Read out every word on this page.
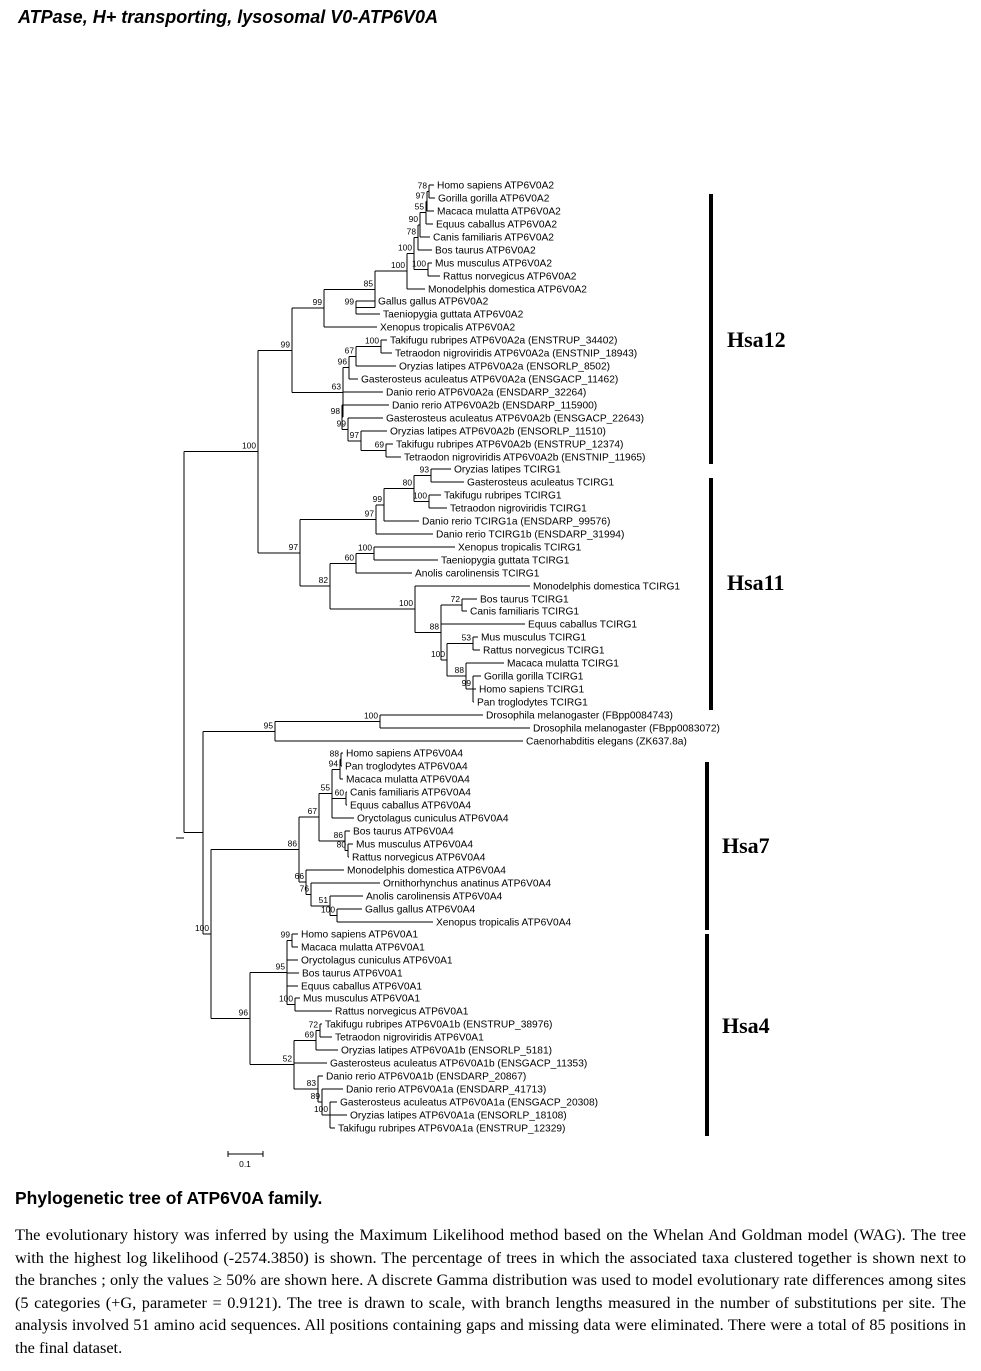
ATPase, H+ transporting, lysosomal V0-ATP6V0A
Homo sapiens ATP6V0A2
Gorilla gorilla ATP6V0A2
Macaca mulatta ATP6V0A2
Equus caballus ATP6V0A2
Canis familiaris ATP6V0A2
Bos taurus ATP6V0A2
Mus musculus ATP6V0A2
Rattus norvegicus ATP6V0A2
Monodelphis domestica ATP6V0A2
Gallus gallus ATP6V0A2
Taeniopygia guttata ATP6V0A2
Xenopus tropicalis ATP6V0A2
Takifugu rubripes ATP6V0A2a (ENSTRUP_34402)
Tetraodon nigroviridis ATP6V0A2a (ENSTNIP_18943)
Oryzias latipes ATP6V0A2a (ENSORLP_8502)
Gasterosteus aculeatus ATP6V0A2a (ENSGACP_11462)
Danio rerio ATP6V0A2a (ENSDARP_32264)
Danio rerio ATP6V0A2b (ENSDARP_115900)
Gasterosteus aculeatus ATP6V0A2b (ENSGACP_22643)
Oryzias latipes ATP6V0A2b (ENSORLP_11510)
Takifugu rubripes ATP6V0A2b (ENSTRUP_12374)
Tetraodon nigroviridis ATP6V0A2b (ENSTNIP_11965)
Oryzias latipes TCIRG1
Gasterosteus aculeatus TCIRG1
Takifugu rubripes TCIRG1
Tetraodon nigroviridis TCIRG1
Danio rerio TCIRG1a (ENSDARP_99576)
Danio rerio TCIRG1b (ENSDARP_31994)
Xenopus tropicalis TCIRG1
Taeniopygia guttata TCIRG1
Anolis carolinensis TCIRG1
Monodelphis domestica TCIRG1
Bos taurus TCIRG1
Canis familiaris TCIRG1
Equus caballus TCIRG1
Mus musculus TCIRG1
Rattus norvegicus TCIRG1
Macaca mulatta TCIRG1
Gorilla gorilla TCIRG1
Homo sapiens TCIRG1
Pan troglodytes TCIRG1
Drosophila melanogaster (FBpp0084743)
Drosophila melanogaster (FBpp0083072)
Caenorhabditis elegans (ZK637.8a)
Homo sapiens ATP6V0A4
Pan troglodytes ATP6V0A4
Macaca mulatta ATP6V0A4
Canis familiaris ATP6V0A4
Equus caballus ATP6V0A4
Oryctolagus cuniculus ATP6V0A4
Bos taurus ATP6V0A4
Mus musculus ATP6V0A4
Rattus norvegicus ATP6V0A4
Monodelphis domestica ATP6V0A4
Ornithorhynchus anatinus ATP6V0A4
Anolis carolinensis ATP6V0A4
Gallus gallus ATP6V0A4
Xenopus tropicalis ATP6V0A4
Homo sapiens ATP6V0A1
Macaca mulatta ATP6V0A1
Oryctolagus cuniculus ATP6V0A1
Bos taurus ATP6V0A1
Equus caballus ATP6V0A1
Mus musculus ATP6V0A1
Rattus norvegicus ATP6V0A1
Takifugu rubripes ATP6V0A1b (ENSTRUP_38976)
Tetraodon nigroviridis ATP6V0A1
Oryzias latipes ATP6V0A1b (ENSORLP_5181)
Gasterosteus aculeatus ATP6V0A1b (ENSGACP_11353)
Danio rerio ATP6V0A1b (ENSDARP_20867)
Danio rerio ATP6V0A1a (ENSDARP_41713)
Gasterosteus aculeatus ATP6V0A1a (ENSGACP_20308)
Oryzias latipes ATP6V0A1a (ENSORLP_18108)
Takifugu rubripes ATP6V0A1a (ENSTRUP_12329)
78
97
55
90
78
100
100
100
99
85
99
100
67
96
69
97
99
98
63
99
93
100
80
99
97
100
60
72
53
99
88
100
88
100
82
97
100
100
95
88
94
60
55
80
86
67
100
51
76
66
86
99
100
95
72
69
100
89
83
52
96
100
Hsa12
Hsa11
Hsa7
Hsa4
0.1
Phylogenetic tree of ATP6V0A family.

The evolutionary history was inferred by using the Maximum Likelihood method based on the Whelan And Goldman model (WAG). The tree with the highest log likelihood (-2574.3850) is shown. The percentage of trees in which the associated taxa clustered together is shown next to the branches ; only the values ≥ 50% are shown here. A discrete Gamma distribution was used to model evolutionary rate differences among sites (5 categories (+G, parameter = 0.9121). The tree is drawn to scale, with branch lengths measured in the number of substitutions per site. The analysis involved 51 amino acid sequences. All positions containing gaps and missing data were eliminated. There were a total of 85 positions in the final dataset.
